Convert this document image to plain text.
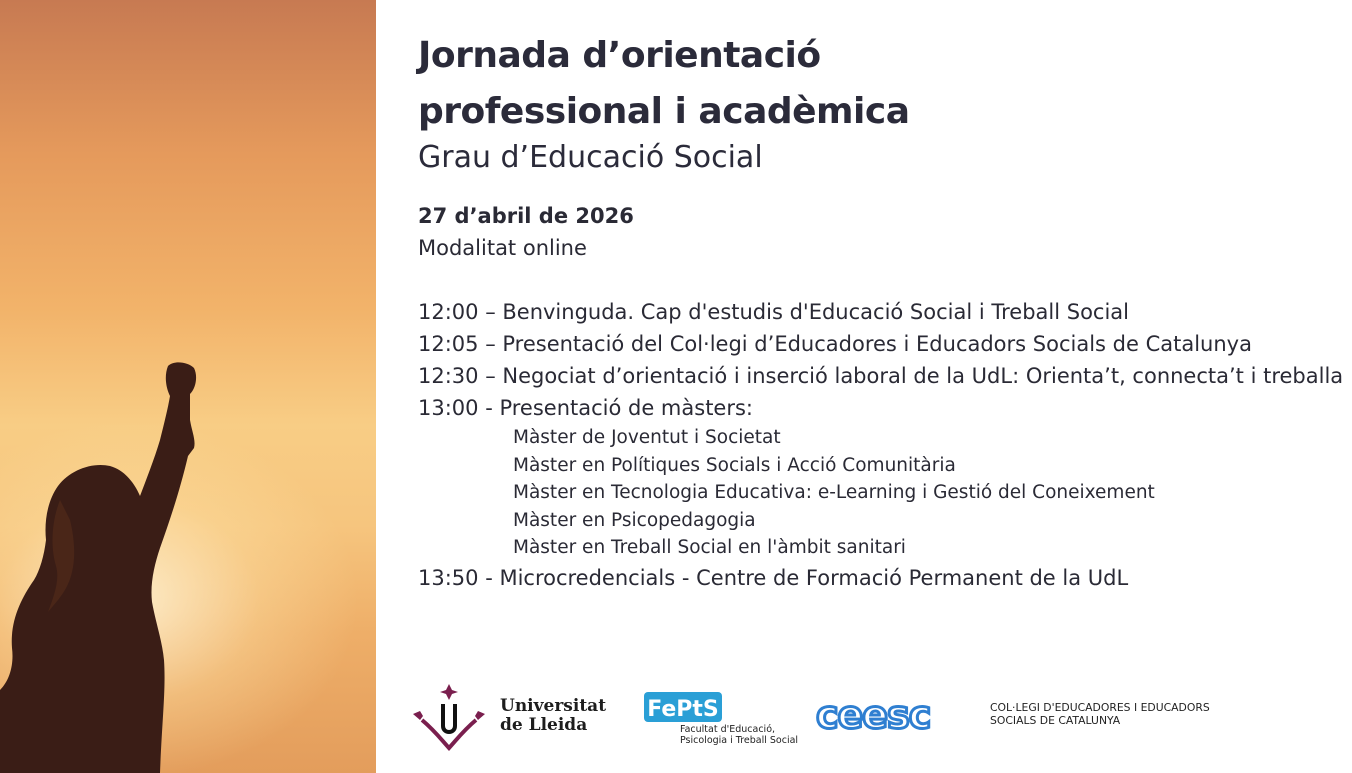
Jornada d’orientació
professional i acadèmica
Grau d’Educació Social
27 d’abril de 2026
Modalitat online
12:00 – Benvinguda. Cap d'estudis d'Educació Social i Treball Social
12:05 – Presentació del Col·legi d’Educadores i Educadors Socials de Catalunya
12:30 – Negociat d’orientació i inserció laboral de la UdL: Orienta’t, connecta’t i treballa
13:00 - Presentació de màsters:
Màster de Joventut i Societat
Màster en Polítiques Socials i Acció Comunitària
Màster en Tecnologia Educativa: e-Learning i Gestió del Coneixement
Màster en Psicopedagogia
Màster en Treball Social en l'àmbit sanitari
13:50 - Microcredencials - Centre de Formació Permanent de la UdL
Universitat
de Lleida
FePtS
Facultat d'Educació,
Psicologia i Treball Social
ceesc	COL·LEGI D'EDUCADORES I EDUCADORS
SOCIALS DE CATALUNYA
